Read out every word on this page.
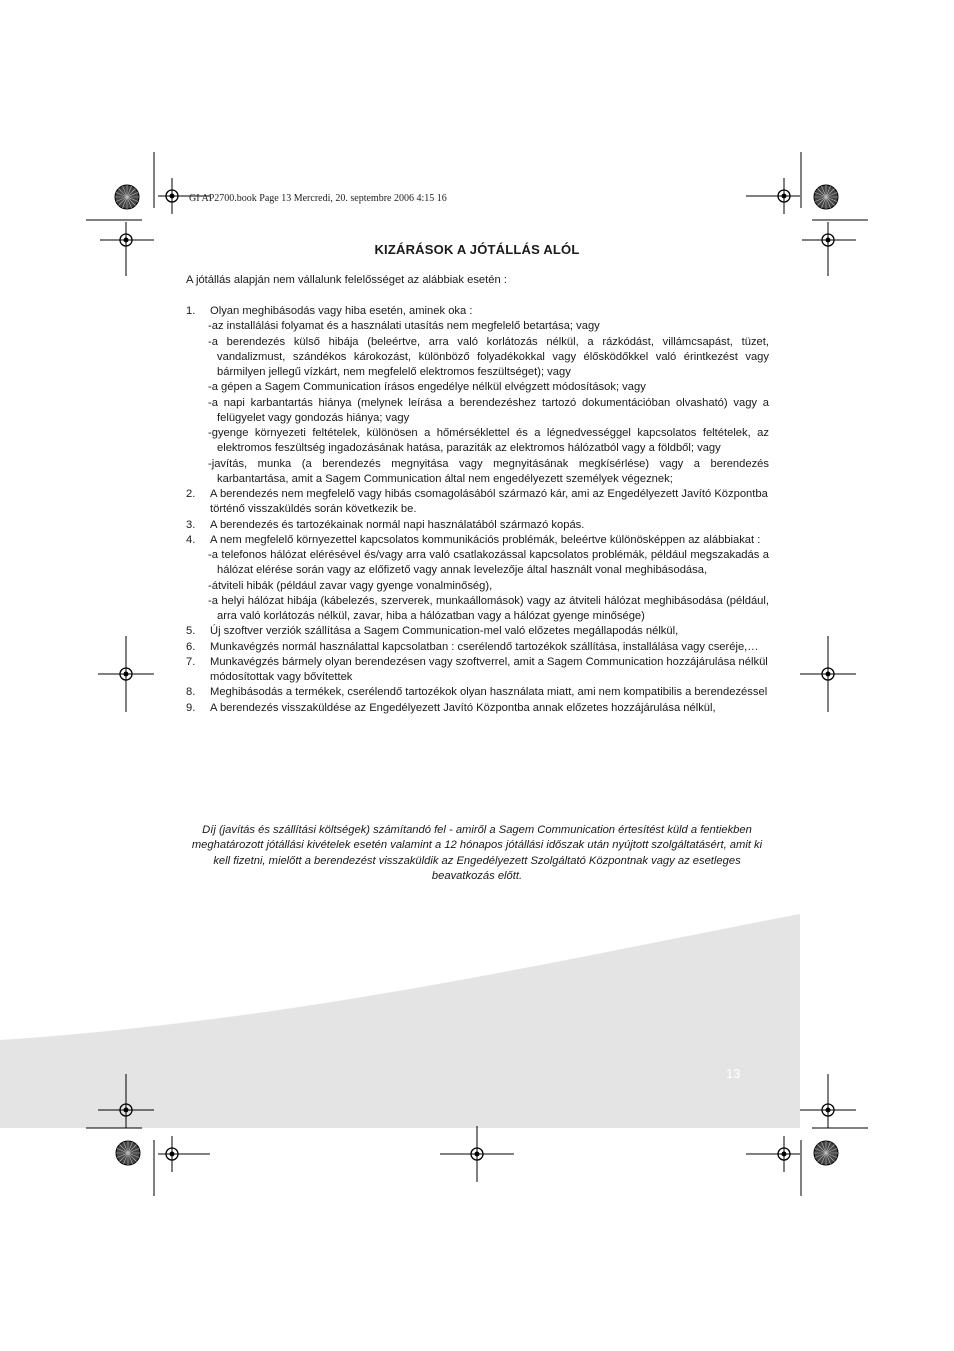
GI AP2700.book Page 13 Mercredi, 20. septembre 2006 4:15 16
KIZÁRÁSOK A JÓTÁLLÁS ALÓL
A jótállás alapján nem vállalunk felelősséget az alábbiak esetén :
1.	Olyan meghibásodás vagy hiba esetén, aminek oka :
-az installálási folyamat és a használati utasítás nem megfelelő betartása; vagy
-a berendezés külső hibája (beleértve, arra való korlátozás nélkül, a rázkódást, villámcsapást, tüzet, vandalizmust, szándékos károkozást, különböző folyadékokkal vagy élősködőkkel való érintkezést vagy bármilyen jellegű vízkárt, nem megfelelő elektromos feszültséget); vagy
-a gépen a Sagem Communication írásos engedélye nélkül elvégzett módosítások; vagy
-a napi karbantartás hiánya (melynek leírása a berendezéshez tartozó dokumentációban olvasható) vagy a felügyelet vagy gondozás hiánya; vagy
-gyenge környezeti feltételek, különösen a hőmérséklettel és a légnedvességgel kapcsolatos feltételek, az elektromos feszültség ingadozásának hatása, paraziták az elektromos hálózatból vagy a földből; vagy
-javítás, munka (a berendezés megnyitása vagy megnyitásának megkísérlése) vagy a berendezés karbantartása, amit a Sagem Communication által nem engedélyezett személyek végeznek;
2.	A berendezés nem megfelelő vagy hibás csomagolásából származó kár, ami az Engedélyezett Javító Központba történő visszaküldés során következik be.
3.	A berendezés és tartozékainak normál napi használatából származó kopás.
4.	A nem megfelelő környezettel kapcsolatos kommunikációs problémák, beleértve különösképpen az alábbiakat :
-a telefonos hálózat elérésével és/vagy arra való csatlakozással kapcsolatos problémák, például megszakadás a hálózat elérése során vagy az előfizető vagy annak levelezője által használt vonal meghibásodása,
-átviteli hibák (például zavar vagy gyenge vonalminőség),
-a helyi hálózat hibája (kábelezés, szerverek, munkaállomások) vagy az átviteli hálózat meghibásodása (például, arra való korlátozás nélkül, zavar, hiba a hálózatban vagy a hálózat gyenge minősége)
5.	Új szoftver verziók szállítása a Sagem Communication-mel való előzetes megállapodás nélkül,
6.	Munkavégzés normál használattal kapcsolatban : cserélendő tartozékok szállítása, installálása vagy cseréje,…
7.	Munkavégzés bármely olyan berendezésen vagy szoftverrel, amit a Sagem Communication hozzájárulása nélkül módosítottak vagy bővítettek
8.	Meghibásodás a termékek, cserélendő tartozékok olyan használata miatt, ami nem kompatibilis a berendezéssel
9.	A berendezés visszaküldése az Engedélyezett Javító Központba annak előzetes hozzájárulása nélkül,
Díj (javítás és szállítási költségek) számítandó fel - amiről a Sagem Communication értesítést küld a fentiekben meghatározott jótállási kivételek esetén valamint a 12 hónapos jótállási időszak után nyújtott szolgáltatásért, amit ki kell fizetni, mielőtt a berendezést visszaküldik az Engedélyezett Szolgáltató Központnak vagy az esetleges beavatkozás előtt.
13
